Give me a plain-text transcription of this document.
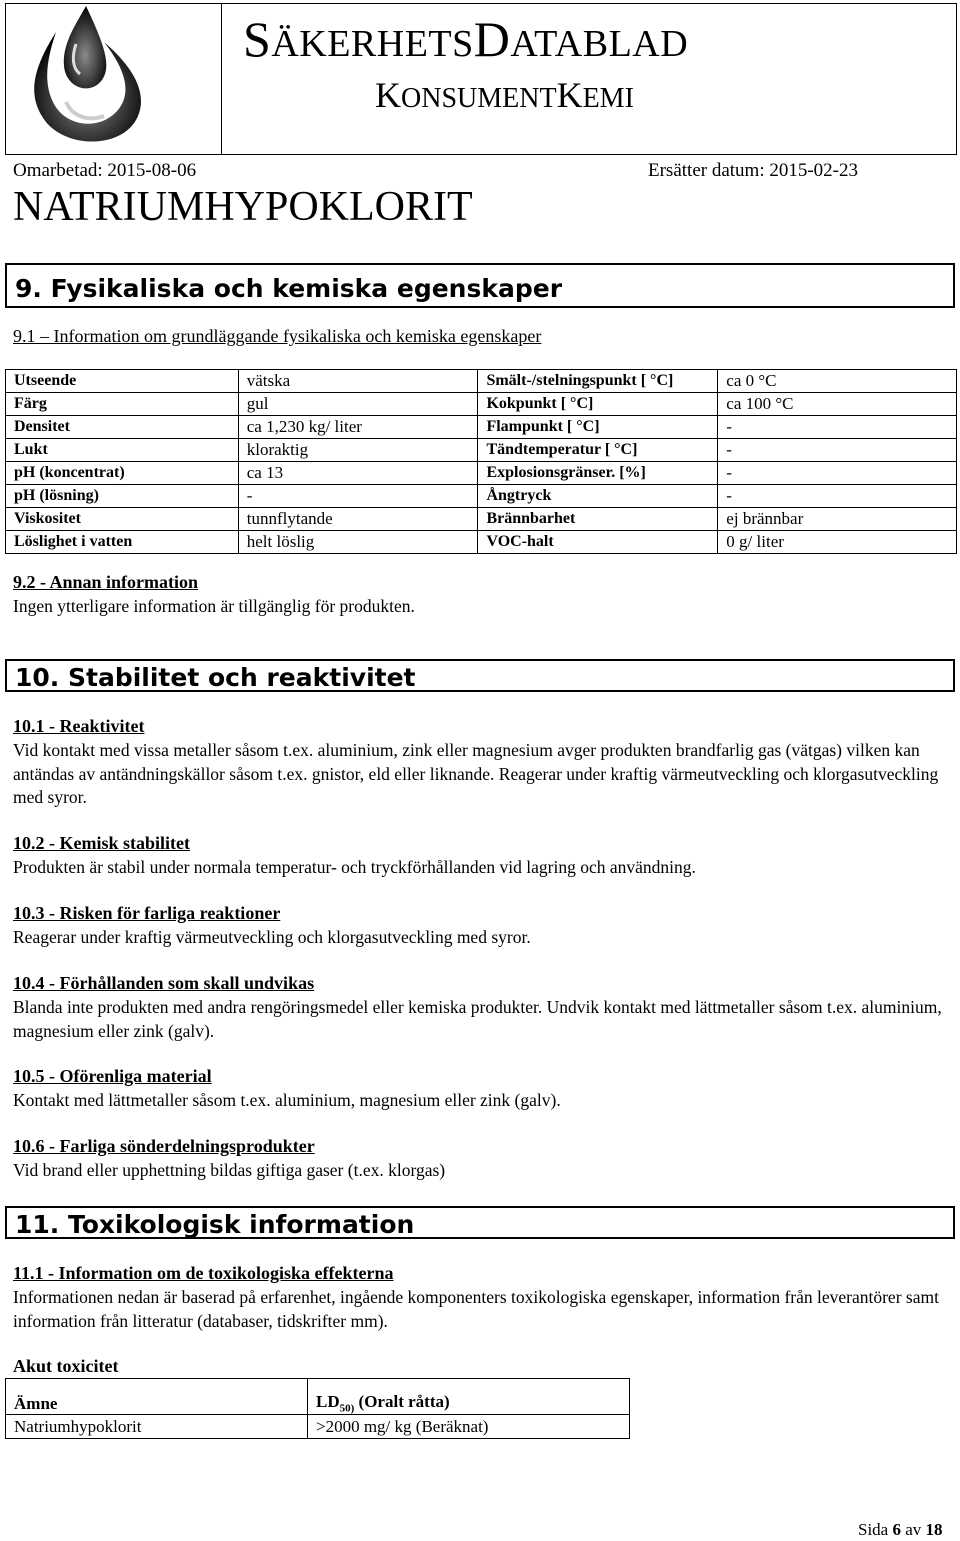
SÄKERHETSDATABLAD
KONSUMENTKEMI
Omarbetad: 2015-08-06	Ersätter datum: 2015-02-23
NATRIUMHYPOKLORIT
9. Fysikaliska och kemiska egenskaper
9.1 – Information om grundläggande fysikaliska och kemiska egenskaper
Utseende	vätska	Smält-/stelningspunkt [ °C]	ca 0 °C
Färg	gul	Kokpunkt [ °C]	ca 100 °C
Densitet	ca 1,230 kg/ liter	Flampunkt [ °C]	-
Lukt	kloraktig	Tändtemperatur [ °C]	-
pH (koncentrat)	ca 13	Explosionsgränser. [%]	-
pH (lösning)	-	Ångtryck	-
Viskositet	tunnflytande	Brännbarhet	ej brännbar
Löslighet i vatten	helt löslig	VOC-halt	0 g/ liter
9.2 - Annan information
Ingen ytterligare information är tillgänglig för produkten.
10. Stabilitet och reaktivitet
10.1 - Reaktivitet
Vid kontakt med vissa metaller såsom t.ex. aluminium, zink eller magnesium avger produkten brandfarlig gas (vätgas) vilken kan antändas av antändningskällor såsom t.ex. gnistor, eld eller liknande. Reagerar under kraftig värmeutveckling och klorgasutveckling med syror.
10.2 - Kemisk stabilitet
Produkten är stabil under normala temperatur- och tryckförhållanden vid lagring och användning.
10.3 - Risken för farliga reaktioner
Reagerar under kraftig värmeutveckling och klorgasutveckling med syror.
10.4 - Förhållanden som skall undvikas
Blanda inte produkten med andra rengöringsmedel eller kemiska produkter. Undvik kontakt med lättmetaller såsom t.ex. aluminium, magnesium eller zink (galv).
10.5 - Oförenliga material
Kontakt med lättmetaller såsom t.ex. aluminium, magnesium eller zink (galv).
10.6 - Farliga sönderdelningsprodukter
Vid brand eller upphettning bildas giftiga gaser (t.ex. klorgas)
11. Toxikologisk information
11.1 - Information om de toxikologiska effekterna
Informationen nedan är baserad på erfarenhet, ingående komponenters toxikologiska egenskaper, information från leverantörer samt information från litteratur (databaser, tidskrifter mm).
Akut toxicitet
Ämne	$LD_{50)}$ (Oralt råtta)
Natriumhypoklorit	>2000 mg/ kg (Beräknat)
Sida 6 av 18
